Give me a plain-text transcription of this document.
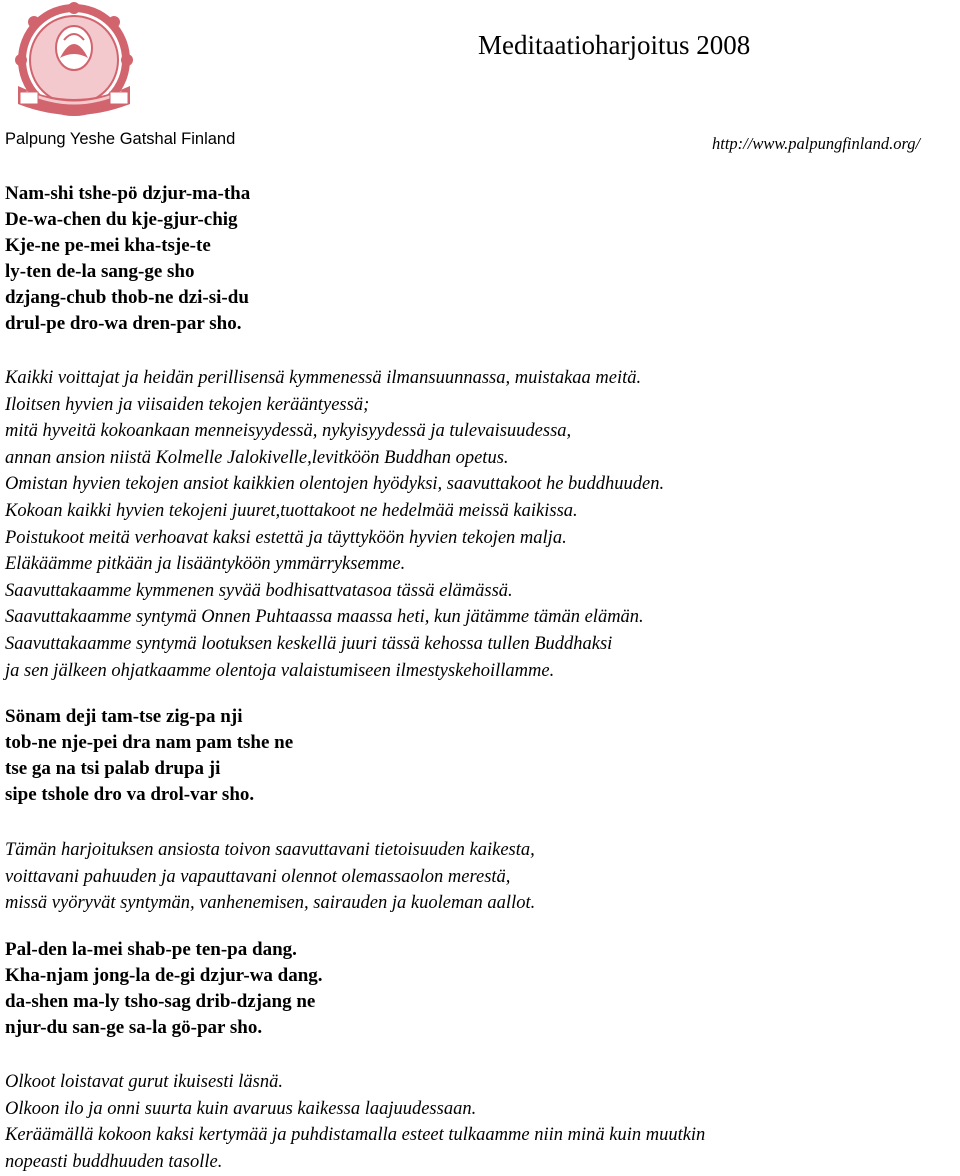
Meditaatioharjoitus 2008
Palpung Yeshe Gatshal Finland	http://www.palpungfinland.org/
Nam-shi tshe-pö dzjur-ma-tha
De-wa-chen du kje-gjur-chig
Kje-ne pe-mei kha-tsje-te
ly-ten de-la sang-ge sho
dzjang-chub thob-ne dzi-si-du
drul-pe dro-wa dren-par sho.
Kaikki voittajat ja heidän perillisensä kymmenessä ilmansuunnassa, muistakaa meitä.
Iloitsen hyvien ja viisaiden tekojen kerääntyessä;
mitä hyveitä kokoankaan menneisyydessä, nykyisyydessä ja tulevaisuudessa,
annan ansion niistä Kolmelle Jalokivelle,levitköön Buddhan opetus.
Omistan hyvien tekojen ansiot kaikkien olentojen hyödyksi, saavuttakoot he buddhuuden.
Kokoan kaikki hyvien tekojeni juuret,tuottakoot ne hedelmää meissä kaikissa.
Poistukoot meitä verhoavat kaksi estettä ja täyttyköön hyvien tekojen malja.
Eläkäämme pitkään ja lisääntyköön ymmärryksemme.
Saavuttakaamme kymmenen syvää bodhisattvatasoa tässä elämässä.
Saavuttakaamme syntymä Onnen Puhtaassa maassa heti, kun jätämme tämän elämän.
Saavuttakaamme syntymä lootuksen keskellä juuri tässä kehossa tullen Buddhaksi
ja sen jälkeen ohjatkaamme olentoja valaistumiseen ilmestyskehoillamme.
Sönam deji tam-tse zig-pa nji
tob-ne nje-pei dra nam pam tshe ne
tse ga na tsi palab drupa ji
sipe tshole dro va drol-var sho.
Tämän harjoituksen ansiosta toivon saavuttavani tietoisuuden kaikesta,
voittavani pahuuden ja vapauttavani olennot olemassaolon merestä,
missä vyöryvät syntymän, vanhenemisen, sairauden ja kuoleman aallot.
Pal-den la-mei shab-pe ten-pa dang.
Kha-njam jong-la de-gi dzjur-wa dang.
da-shen ma-ly tsho-sag drib-dzjang ne
njur-du san-ge sa-la gö-par sho.
Olkoot loistavat gurut ikuisesti läsnä.
Olkoon ilo ja onni suurta kuin avaruus kaikessa laajuudessaan.
Keräämällä kokoon kaksi kertymää ja puhdistamalla esteet tulkaamme niin minä kuin muutkin
nopeasti buddhuuden tasolle.
